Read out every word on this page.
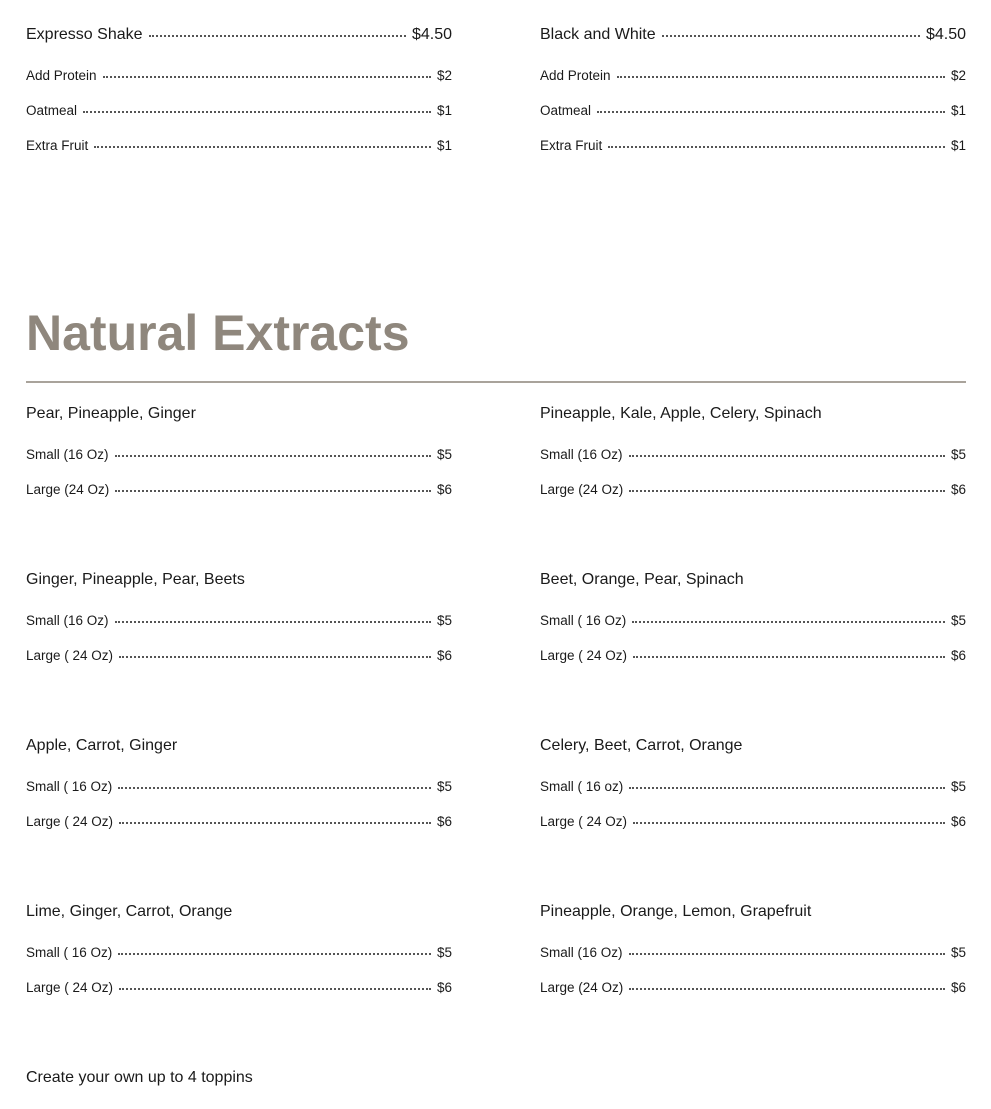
Expresso Shake	$4.50
Add Protein	$2
Oatmeal	$1
Extra Fruit	$1
Black and White	$4.50
Add Protein	$2
Oatmeal	$1
Extra Fruit	$1
Natural Extracts
Pear, Pineapple, Ginger
Small (16 Oz)	$5
Large (24 Oz)	$6
Pineapple, Kale, Apple, Celery, Spinach
Small (16 Oz)	$5
Large (24 Oz)	$6
Ginger, Pineapple, Pear, Beets
Small (16 Oz)	$5
Large ( 24 Oz)	$6
Beet, Orange, Pear, Spinach
Small ( 16 Oz)	$5
Large ( 24 Oz)	$6
Apple, Carrot, Ginger
Small ( 16 Oz)	$5
Large ( 24 Oz)	$6
Celery, Beet, Carrot, Orange
Small ( 16 oz)	$5
Large ( 24 Oz)	$6
Lime, Ginger, Carrot, Orange
Small ( 16 Oz)	$5
Large ( 24 Oz)	$6
Pineapple, Orange, Lemon, Grapefruit
Small (16 Oz)	$5
Large (24 Oz)	$6
Create your own up to 4 toppins
